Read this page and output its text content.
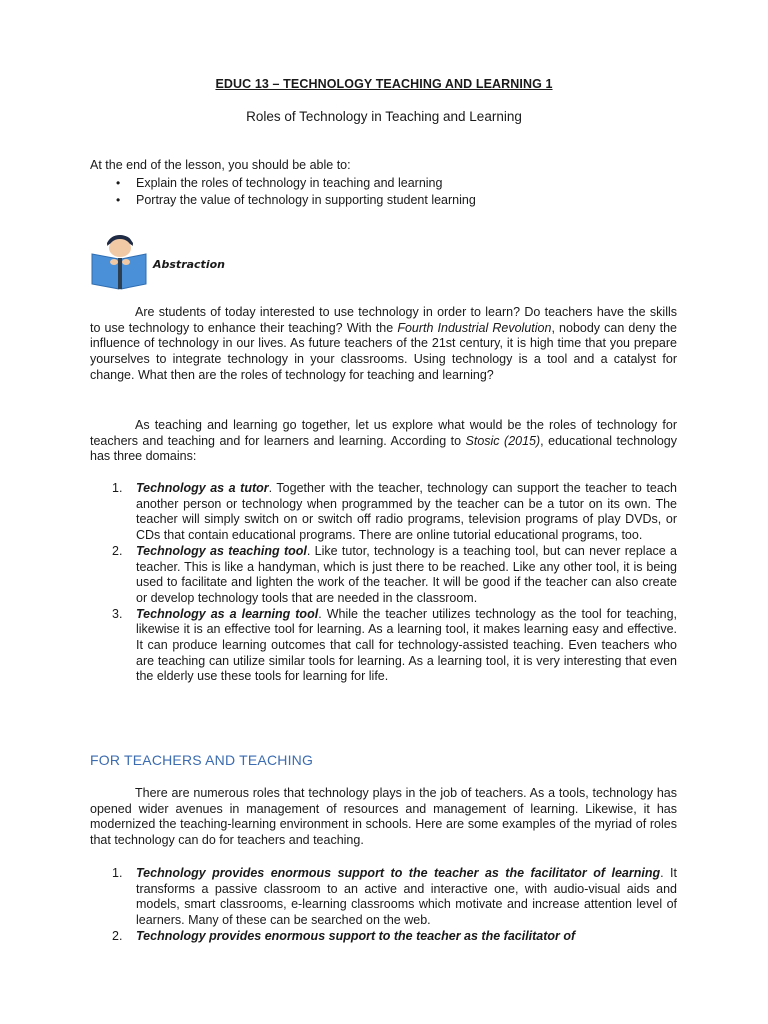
EDUC 13 – TECHNOLOGY TEACHING AND LEARNING 1
Roles of Technology in Teaching and Learning
At the end of the lesson, you should be able to:
• Explain the roles of technology in teaching and learning
• Portray the value of technology in supporting student learning
Abstraction

Are students of today interested to use technology in order to learn? Do teachers have the skills to use technology to enhance their teaching? With the Fourth Industrial Revolution, nobody can deny the influence of technology in our lives. As future teachers of the 21st century, it is high time that you prepare yourselves to integrate technology in your classrooms. Using technology is a tool and a catalyst for change. What then are the roles of technology for teaching and learning?

As teaching and learning go together, let us explore what would be the roles of technology for teachers and teaching and for learners and learning. According to Stosic (2015), educational technology has three domains:

1. Technology as a tutor. Together with the teacher, technology can support the teacher to teach another person or technology when programmed by the teacher can be a tutor on its own. The teacher will simply switch on or switch off radio programs, television programs of play DVDs, or CDs that contain educational programs. There are online tutorial educational programs, too.
2. Technology as teaching tool. Like tutor, technology is a teaching tool, but can never replace a teacher. This is like a handyman, which is just there to be reached. Like any other tool, it is being used to facilitate and lighten the work of the teacher. It will be good if the teacher can also create or develop technology tools that are needed in the classroom.
3. Technology as a learning tool. While the teacher utilizes technology as the tool for teaching, likewise it is an effective tool for learning. As a learning tool, it makes learning easy and effective. It can produce learning outcomes that call for technology-assisted teaching. Even teachers who are teaching can utilize similar tools for learning. As a learning tool, it is very interesting that even the elderly use these tools for learning for life.
FOR TEACHERS AND TEACHING

There are numerous roles that technology plays in the job of teachers. As a tools, technology has opened wider avenues in management of resources and management of learning. Likewise, it has modernized the teaching-learning environment in schools. Here are some examples of the myriad of roles that technology can do for teachers and teaching.

1. Technology provides enormous support to the teacher as the facilitator of learning. It transforms a passive classroom to an active and interactive one, with audio-visual aids and models, smart classrooms, e-learning classrooms which motivate and increase attention level of learners. Many of these can be searched on the web.
2. Technology provides enormous support to the teacher as the facilitator of
